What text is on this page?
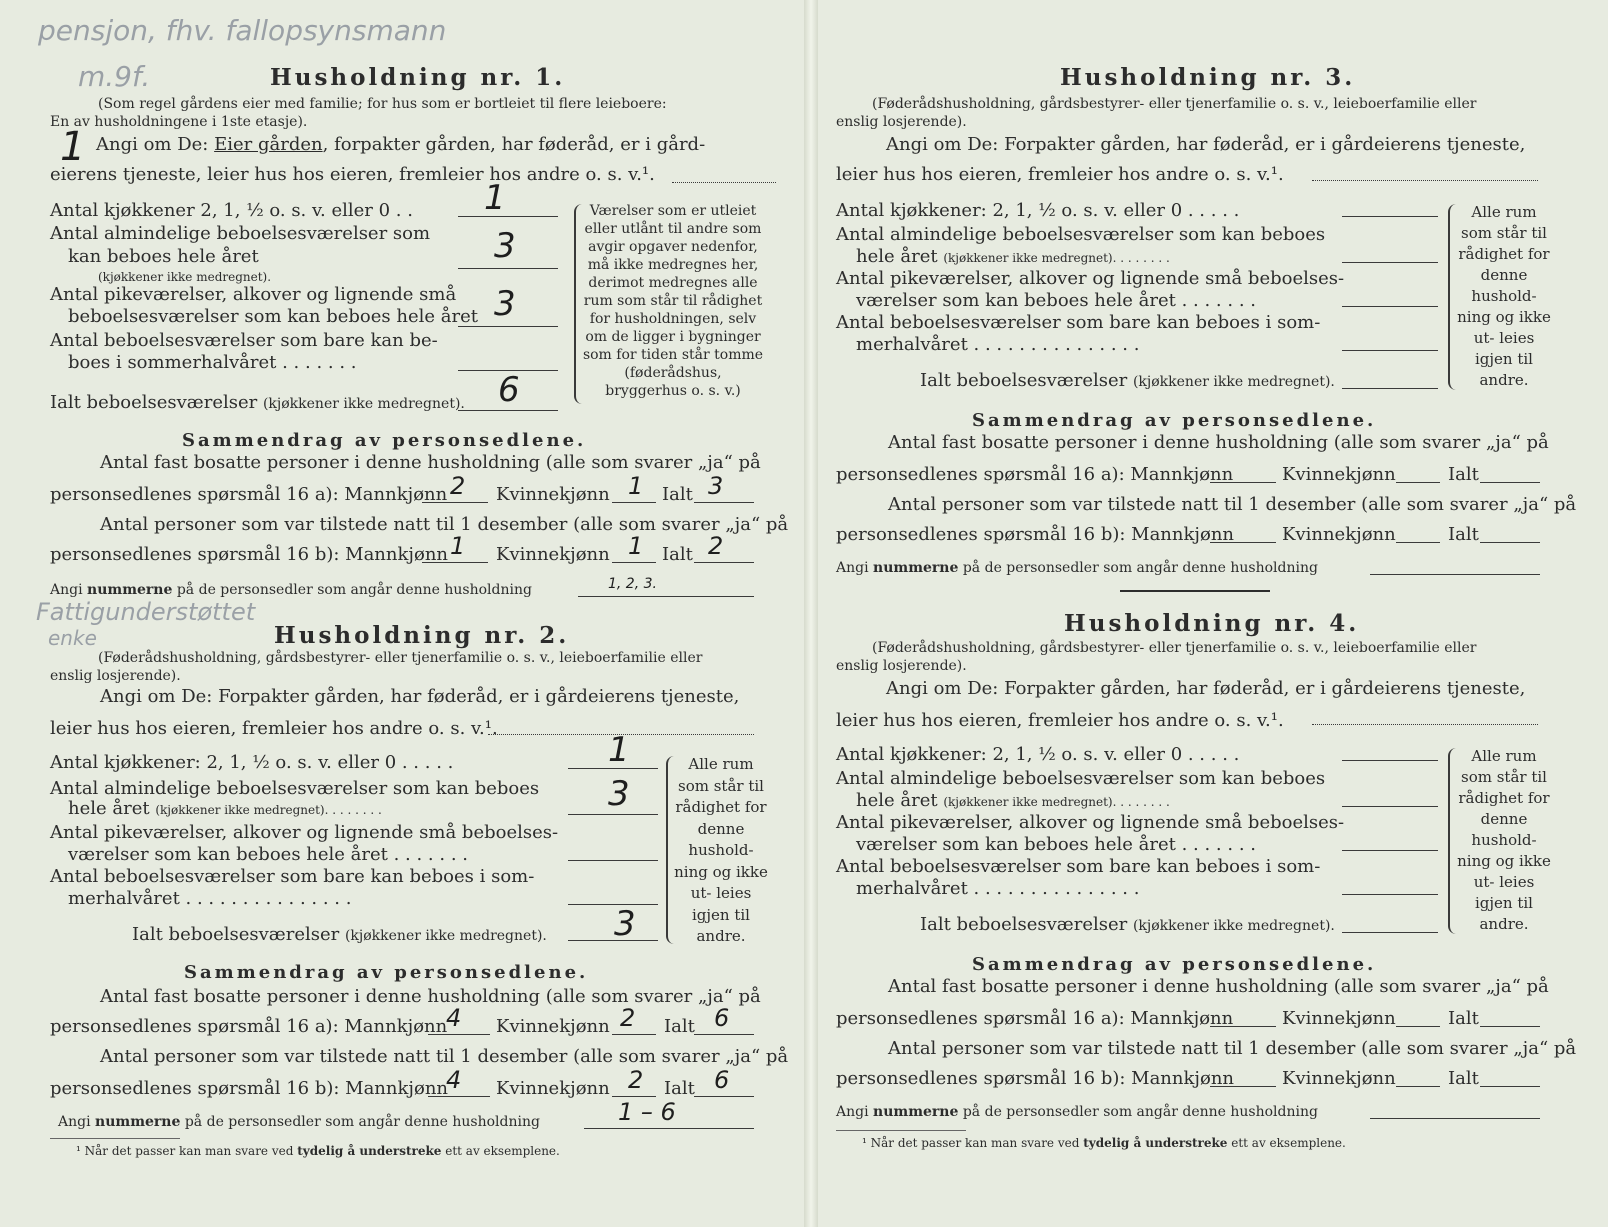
pensjon, fhv. fallopsynsmann
m.9f.
1
Husholdning nr. 1.
(Som regel gårdens eier med familie; for hus som er bortleiet til flere leieboere:
En av husholdningene i 1ste etasje).
Angi om De: Eier gården, forpakter gården, har føderåd, er i gård-
eierens tjeneste, leier hus hos eieren, fremleier hos andre o. s. v.¹.
Antal kjøkkener 2, 1, ½ o. s. v. eller 0 . . 1
Antal almindelige beboelsesværelser som
kan beboes hele året
(kjøkkener ikke medregnet).
3
Antal pikeværelser, alkover og lignende små
beboelsesværelser som kan beboes hele året 3
Antal beboelsesværelser som bare kan be-
boes i sommerhalvåret . . . . . . .
Ialt beboelsesværelser (kjøkkener ikke medregnet). 6
Værelser som er utleiet eller utlånt til andre som avgir opgaver nedenfor, må ikke medregnes her, derimot medregnes alle rum som står til rådighet for husholdningen, selv om de ligger i bygninger som for tiden står tomme (føderådshus, bryggerhus o. s. v.)
Sammendrag av personsedlene.
Antal fast bosatte personer i denne husholdning (alle som svarer „ja“ på
personsedlenes spørsmål 16 a): Mannkjønn 2 Kvinnekjønn 1 Ialt 3
Antal personer som var tilstede natt til 1 desember (alle som svarer „ja“ på
personsedlenes spørsmål 16 b): Mannkjønn 1 Kvinnekjønn 1 Ialt 2
Angi nummerne på de personsedler som angår denne husholdning	1, 2, 3.
Fattigunderstøttet
enke	Husholdning nr. 2.
(Føderådshusholdning, gårdsbestyrer- eller tjenerfamilie o. s. v., leieboerfamilie eller
enslig losjerende).
Angi om De: Forpakter gården, har føderåd, er i gårdeierens tjeneste,
leier hus hos eieren, fremleier hos andre o. s. v.¹.
Antal kjøkkener: 2, 1, ½ o. s. v. eller 0 . . . . .	1
Antal almindelige beboelsesværelser som kan beboes
hele året (kjøkkener ikke medregnet). . . . . . . .	3
Antal pikeværelser, alkover og lignende små beboelses-
værelser som kan beboes hele året . . . . . . .
Antal beboelsesværelser som bare kan beboes i som-
merhalvåret . . . . . . . . . . . . . . .
Ialt beboelsesværelser (kjøkkener ikke medregnet). 3
Alle rum som står til rådighet for denne hushold- ning og ikke ut- leies igjen til andre.
Sammendrag av personsedlene.
Antal fast bosatte personer i denne husholdning (alle som svarer „ja“ på
personsedlenes spørsmål 16 a): Mannkjønn
4 Kvinnekjønn 2 Ialt 6
Antal personer som var tilstede natt til 1 desember (alle som svarer „ja“ på
personsedlenes spørsmål 16 b): Mannkjønn
4 Kvinnekjønn 2 Ialt 6
Angi nummerne på de personsedler som angår denne husholdning	1 – 6
¹ Når det passer kan man svare ved tydelig å understreke ett av eksemplene.
Husholdning nr. 3.
(Føderådshusholdning, gårdsbestyrer- eller tjenerfamilie o. s. v., leieboerfamilie eller
enslig losjerende).
Angi om De: Forpakter gården, har føderåd, er i gårdeierens tjeneste,
leier hus hos eieren, fremleier hos andre o. s. v.¹.
Antal kjøkkener: 2, 1, ½ o. s. v. eller 0 . . . . .
Antal almindelige beboelsesværelser som kan beboes
hele året (kjøkkener ikke medregnet). . . . . . . .
Antal pikeværelser, alkover og lignende små beboelses-
værelser som kan beboes hele året . . . . . . .
Antal beboelsesværelser som bare kan beboes i som-
merhalvåret . . . . . . . . . . . . . . .
Ialt beboelsesværelser (kjøkkener ikke medregnet).
Alle rum som står til rådighet for denne hushold- ning og ikke ut- leies igjen til andre.
Sammendrag av personsedlene.
Antal fast bosatte personer i denne husholdning (alle som svarer „ja“ på
personsedlenes spørsmål 16 a): Mannkjønn	Kvinnekjønn	Ialt
Antal personer som var tilstede natt til 1 desember (alle som svarer „ja“ på
personsedlenes spørsmål 16 b): Mannkjønn	Kvinnekjønn	Ialt
Angi nummerne på de personsedler som angår denne husholdning
Husholdning nr. 4.
(Føderådshusholdning, gårdsbestyrer- eller tjenerfamilie o. s. v., leieboerfamilie eller
enslig losjerende).
Angi om De: Forpakter gården, har føderåd, er i gårdeierens tjeneste,
leier hus hos eieren, fremleier hos andre o. s. v.¹.
Antal kjøkkener: 2, 1, ½ o. s. v. eller 0 . . . . .
Antal almindelige beboelsesværelser som kan beboes
hele året (kjøkkener ikke medregnet). . . . . . . .
Antal pikeværelser, alkover og lignende små beboelses-
værelser som kan beboes hele året . . . . . . .
Antal beboelsesværelser som bare kan beboes i som-
merhalvåret . . . . . . . . . . . . . . .
Ialt beboelsesværelser (kjøkkener ikke medregnet).
Alle rum som står til rådighet for denne hushold- ning og ikke ut- leies igjen til andre.
Sammendrag av personsedlene.
Antal fast bosatte personer i denne husholdning (alle som svarer „ja“ på
personsedlenes spørsmål 16 a): Mannkjønn	Kvinnekjønn	Ialt
Antal personer som var tilstede natt til 1 desember (alle som svarer „ja“ på
personsedlenes spørsmål 16 b): Mannkjønn	Kvinnekjønn	Ialt
Angi nummerne på de personsedler som angår denne husholdning
¹ Når det passer kan man svare ved tydelig å understreke ett av eksemplene.
